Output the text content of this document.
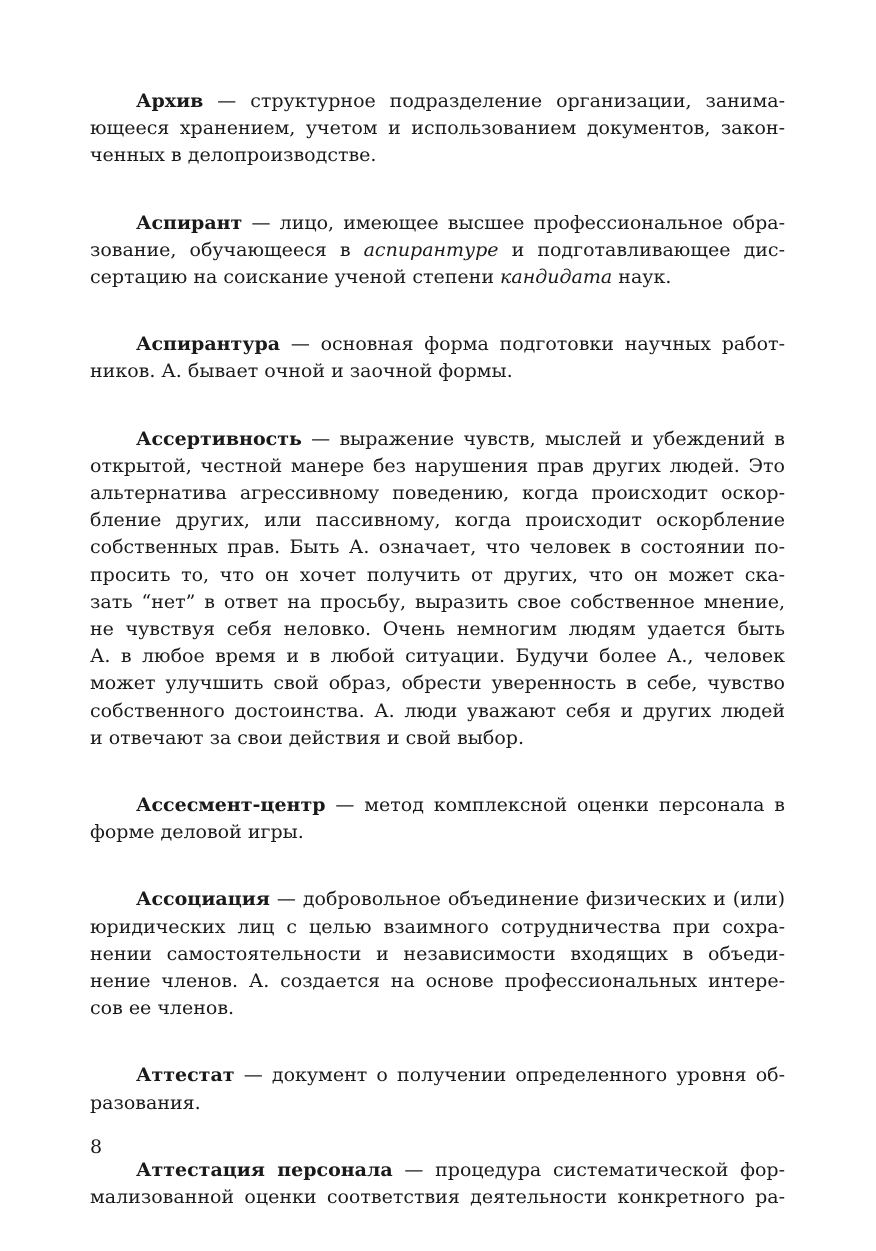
Архив — структурное подразделение организации, занима-
ющееся хранением, учетом и использованием документов, закон-
ченных в делопроизводстве.
Аспирант — лицо, имеющее высшее профессиональное обра-
зование, обучающееся в аспирантуре и подготавливающее дис-
сертацию на соискание ученой степени кандидата наук.
Аспирантура — основная форма подготовки научных работ-
ников. А. бывает очной и заочной формы.
Ассертивность — выражение чувств, мыслей и убеждений в
открытой, честной манере без нарушения прав других людей. Это
альтернатива агрессивному поведению, когда происходит оскор-
бление других, или пассивному, когда происходит оскорбление
собственных прав. Быть А. означает, что человек в состоянии по-
просить то, что он хочет получить от других, что он может ска-
зать “нет” в ответ на просьбу, выразить свое собственное мнение,
не чувствуя себя неловко. Очень немногим людям удается быть
А. в любое время и в любой ситуации. Будучи более А., человек
может улучшить свой образ, обрести уверенность в себе, чувство
собственного достоинства. А. люди уважают себя и других людей
и отвечают за свои действия и свой выбор.
Ассесмент-центр — метод комплексной оценки персонала в
форме деловой игры.
Ассоциация — добровольное объединение физических и (или)
юридических лиц с целью взаимного сотрудничества при сохра-
нении самостоятельности и независимости входящих в объеди-
нение членов. А. создается на основе профессиональных интере-
сов ее членов.
Аттестат — документ о получении определенного уровня об-
разования.
Аттестация персонала — процедура систематической фор-
мализованной оценки соответствия деятельности конкретного ра-
8
